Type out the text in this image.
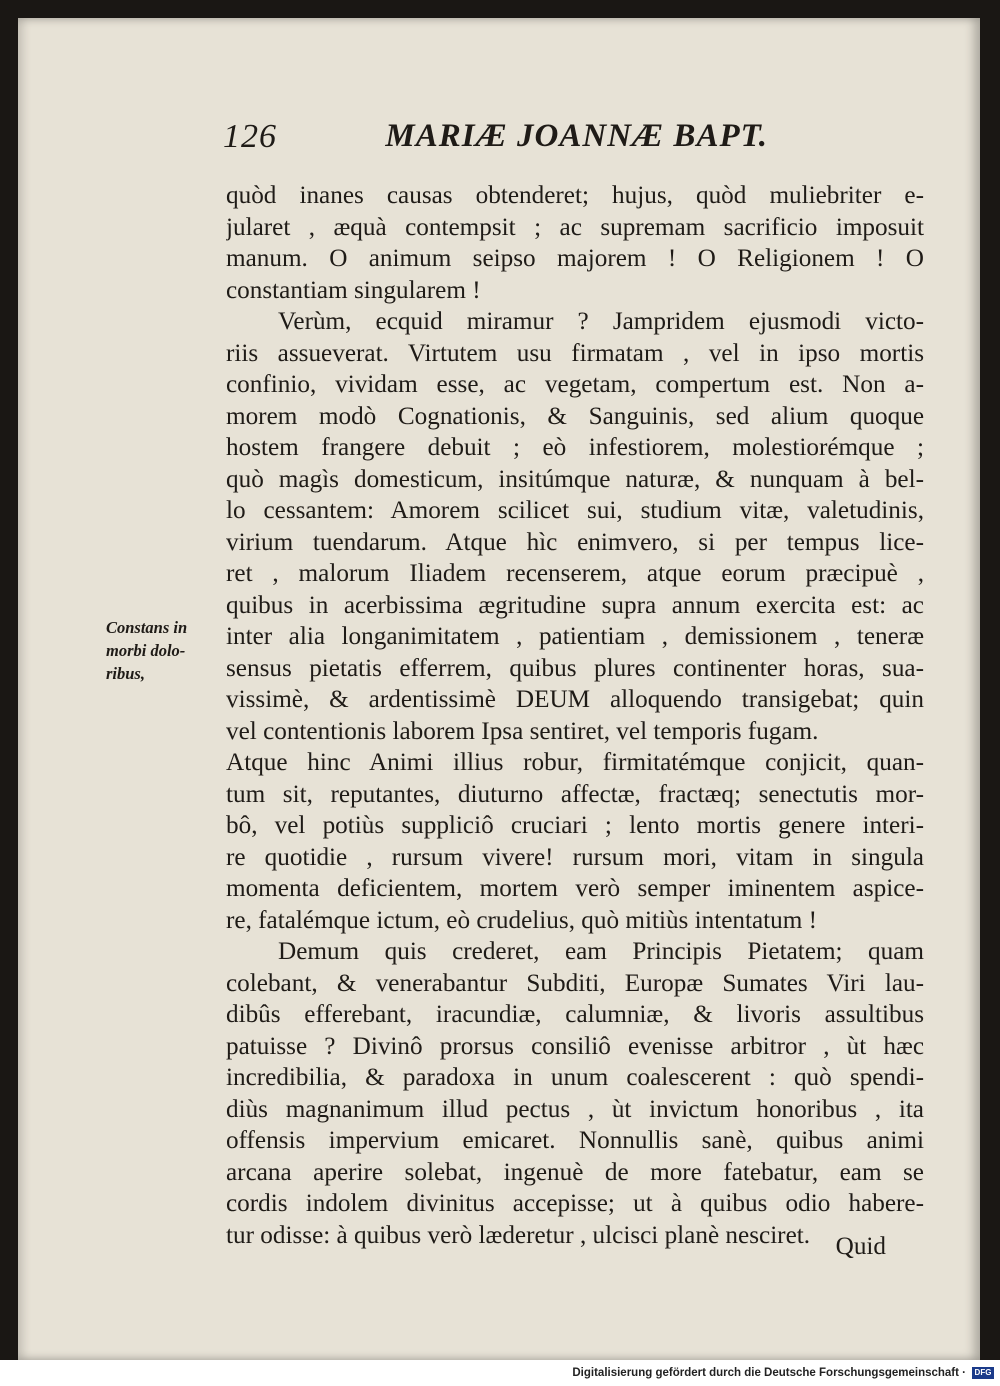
126	MARIÆ JOANNÆ BAPT.
Constans in
morbi dolo-
ribus,
quòd inanes causas obtenderet; hujus, quòd muliebriter e-
jularet , æquà contempsit ; ac supremam sacrificio imposuit
manum. O animum seipso majorem ! O Religionem ! O
constantiam singularem !
Verùm, ecquid miramur ? Jampridem ejusmodi victo-
riis assueverat. Virtutem usu firmatam , vel in ipso mortis
confinio, vividam esse, ac vegetam, compertum est. Non a-
morem modò Cognationis, & Sanguinis, sed alium quoque
hostem frangere debuit ; eò infestiorem, molestiorémque ;
quò magìs domesticum, insitúmque naturæ, & nunquam à bel-
lo cessantem: Amorem scilicet sui, studium vitæ, valetudinis,
virium tuendarum. Atque hìc enimvero, si per tempus lice-
ret , malorum Iliadem recenserem, atque eorum præcipuè ,
quibus in acerbissima ægritudine supra annum exercita est: ac
inter alia longanimitatem , patientiam , demissionem , teneræ
sensus pietatis efferrem, quibus plures continenter horas, sua-
vissimè, & ardentissimè DEUM alloquendo transigebat; quin
vel contentionis laborem Ipsa sentiret, vel temporis fugam.
Atque hinc Animi illius robur, firmitatémque conjicit, quan-
tum sit, reputantes, diuturno affectæ, fractæq; senectutis mor-
bô, vel potiùs suppliciô cruciari ; lento mortis genere interi-
re quotidie , rursum vivere! rursum mori, vitam in singula
momenta deficientem, mortem verò semper iminentem aspice-
re, fatalémque ictum, eò crudelius, quò mitiùs intentatum !
Demum quis crederet, eam Principis Pietatem; quam
colebant, & venerabantur Subditi, Europæ Sumates Viri lau-
dibûs efferebant, iracundiæ, calumniæ, & livoris assultibus
patuisse ? Divinô prorsus consiliô evenisse arbitror , ùt hæc
incredibilia, & paradoxa in unum coalescerent : quò spendi-
diùs magnanimum illud pectus , ùt invictum honoribus , ita
offensis impervium emicaret. Nonnullis sanè, quibus animi
arcana aperire solebat, ingenuè de more fatebatur, eam se
cordis indolem divinitus accepisse; ut à quibus odio haberе-
tur odisse: à quibus verò læderetur , ulcisci planè nesciret.	Quid
Digitalisierung gefördert durch die Deutsche Forschungsgemeinschaft ·	DFG
